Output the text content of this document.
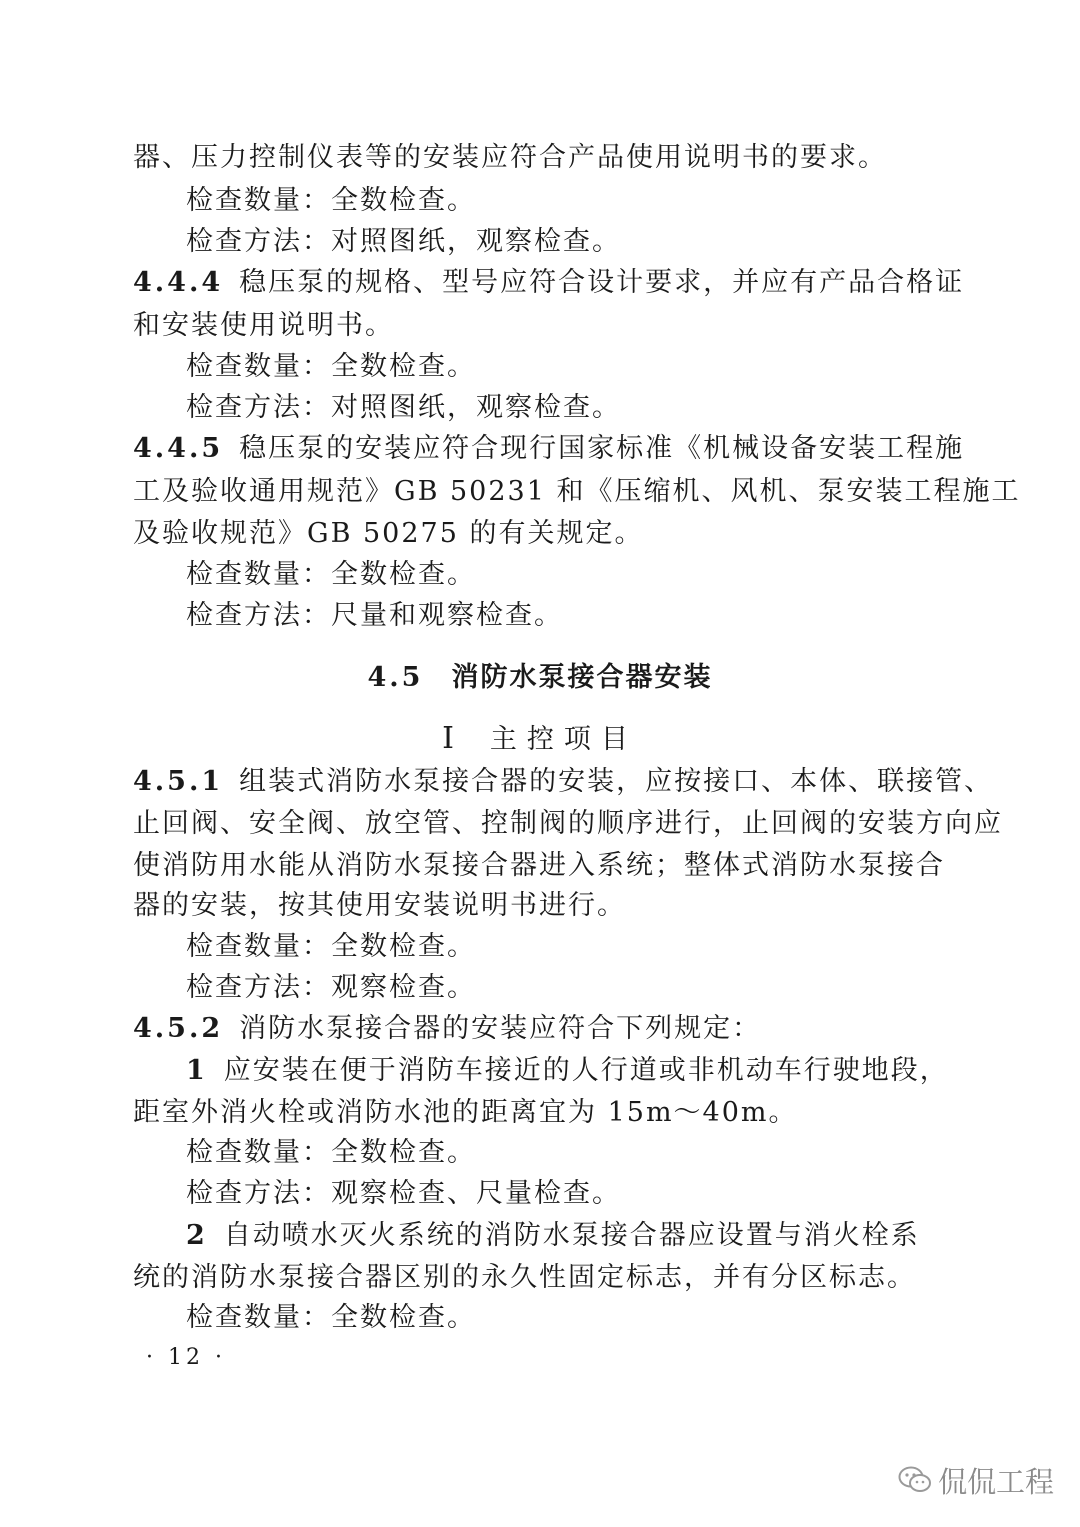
器、压力控制仪表等的安装应符合产品使用说明书的要求。
检查数量：全数检查。
检查方法：对照图纸，观察检查。
4.4.4 稳压泵的规格、型号应符合设计要求，并应有产品合格证
和安装使用说明书。
检查数量：全数检查。
检查方法：对照图纸，观察检查。
4.4.5 稳压泵的安装应符合现行国家标准《机械设备安装工程施
工及验收通用规范》GB 50231 和《压缩机、风机、泵安装工程施工
及验收规范》GB 50275 的有关规定。
检查数量：全数检查。
检查方法：尺量和观察检查。
4.5 消防水泵接合器安装
Ⅰ 主控项目
4.5.1 组装式消防水泵接合器的安装，应按接口、本体、联接管、
止回阀、安全阀、放空管、控制阀的顺序进行，止回阀的安装方向应
使消防用水能从消防水泵接合器进入系统；整体式消防水泵接合
器的安装，按其使用安装说明书进行。
检查数量：全数检查。
检查方法：观察检查。
4.5.2 消防水泵接合器的安装应符合下列规定：
1 应安装在便于消防车接近的人行道或非机动车行驶地段，
距室外消火栓或消防水池的距离宜为 15m～40m。
检查数量：全数检查。
检查方法：观察检查、尺量检查。
2 自动喷水灭火系统的消防水泵接合器应设置与消火栓系
统的消防水泵接合器区别的永久性固定标志，并有分区标志。
检查数量：全数检查。
· 12 ·
侃侃工程
